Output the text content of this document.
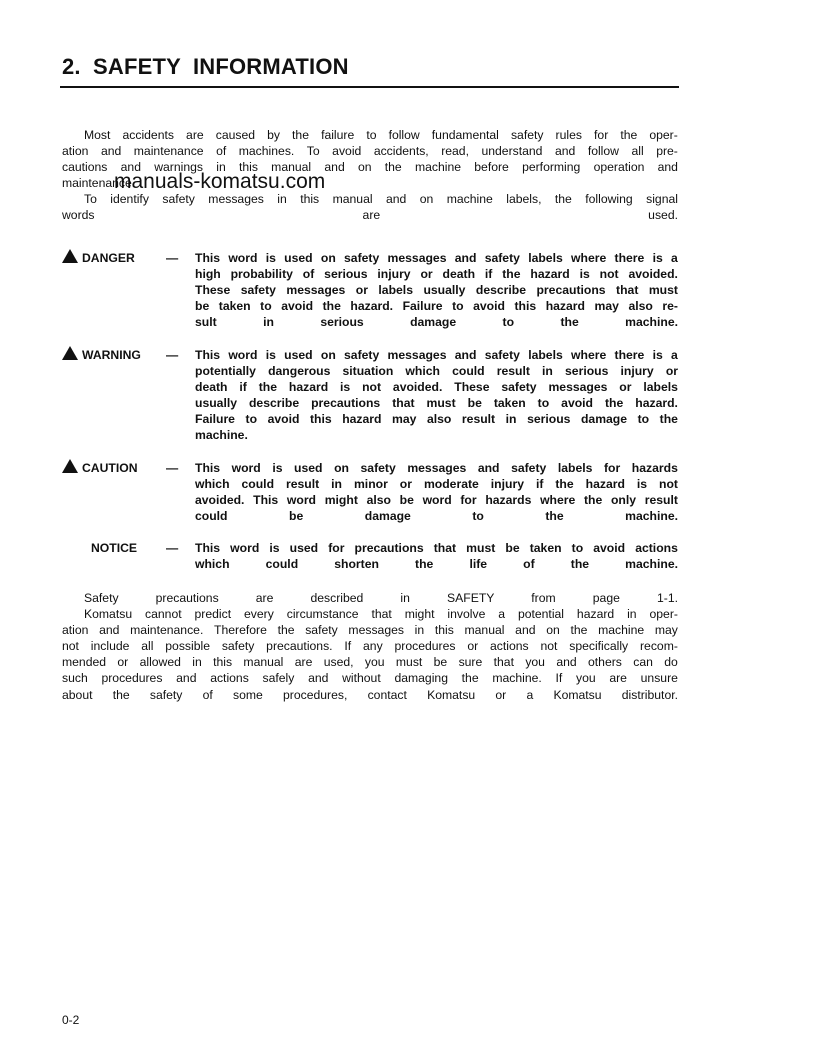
2. SAFETY INFORMATION
Most accidents are caused by the failure to follow fundamental safety rules for the oper-
ation and maintenance of machines. To avoid accidents, read, understand and follow all pre-
cautions and warnings in this manual and on the machine before performing operation and
maintenance.
To identify safety messages in this manual and on machine labels, the following signal
words are used.
manuals-komatsu.com
DANGER	— This word is used on safety messages and safety labels where there is a
high probability of serious injury or death if the hazard is not avoided.
These safety messages or labels usually describe precautions that must
be taken to avoid the hazard. Failure to avoid this hazard may also re-
sult in serious damage to the machine.
WARNING — This word is used on safety messages and safety labels where there is a
potentially dangerous situation which could result in serious injury or
death if the hazard is not avoided. These safety messages or labels
usually describe precautions that must be taken to avoid the hazard.
Failure to avoid this hazard may also result in serious damage to the
machine.
CAUTION — This word is used on safety messages and safety labels for hazards
which could result in minor or moderate injury if the hazard is not
avoided. This word might also be word for hazards where the only result
could be damage to the machine.
NOTICE — This word is used for precautions that must be taken to avoid actions
which could shorten the life of the machine.
Safety precautions are described in SAFETY from page 1-1.
Komatsu cannot predict every circumstance that might involve a potential hazard in oper-
ation and maintenance. Therefore the safety messages in this manual and on the machine may
not include all possible safety precautions. If any procedures or actions not specifically recom-
mended or allowed in this manual are used, you must be sure that you and others can do
such procedures and actions safely and without damaging the machine. If you are unsure
about the safety of some procedures, contact Komatsu or a Komatsu distributor.
0-2
